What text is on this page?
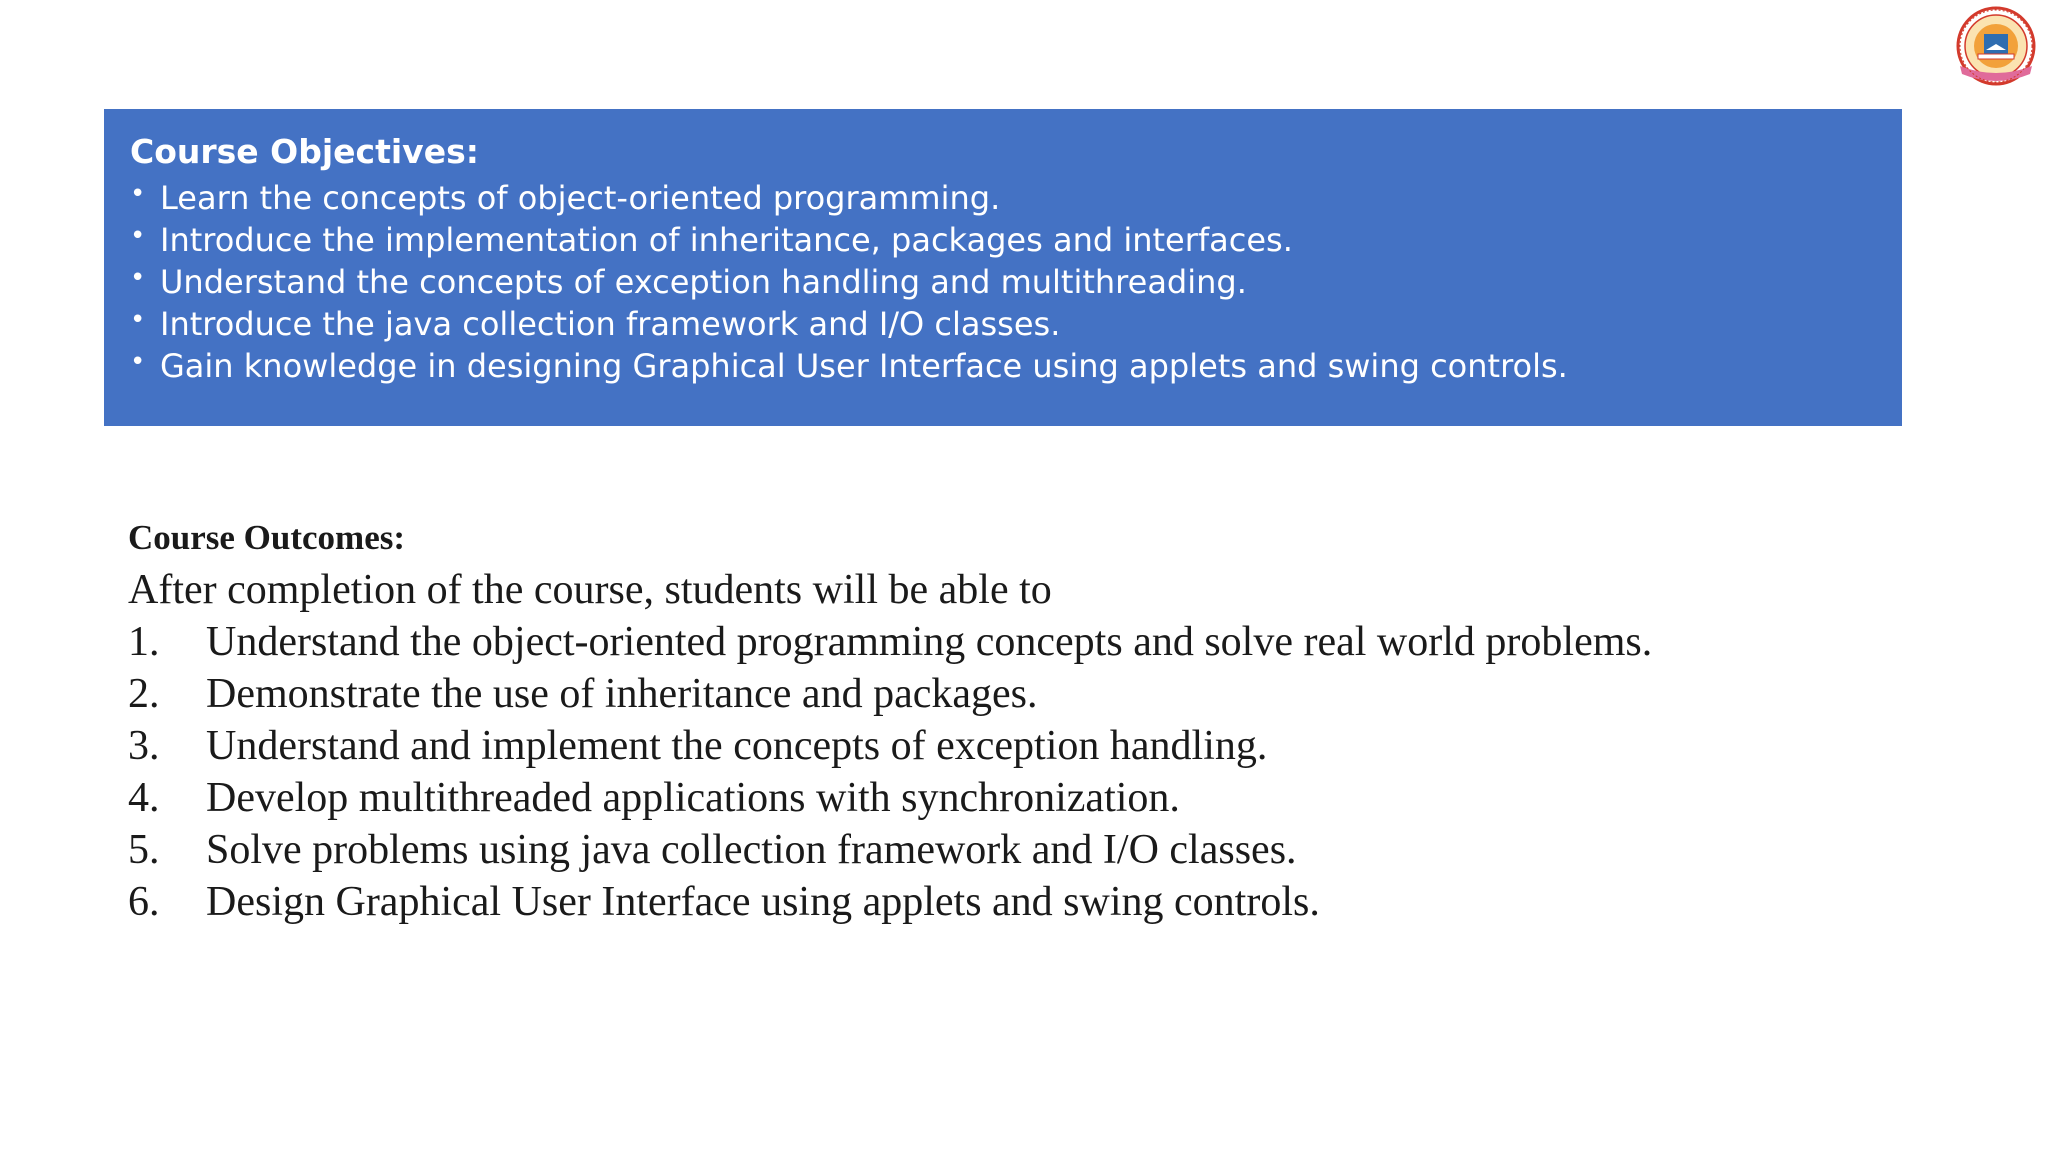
Course Objectives:
• Learn the concepts of object-oriented programming.
• Introduce the implementation of inheritance, packages and interfaces.
• Understand the concepts of exception handling and multithreading.
• Introduce the java collection framework and I/O classes.
• Gain knowledge in designing Graphical User Interface using applets and swing controls.
Course Outcomes:
After completion of the course, students will be able to
1. Understand the object-oriented programming concepts and solve real world problems.
2. Demonstrate the use of inheritance and packages.
3. Understand and implement the concepts of exception handling.
4. Develop multithreaded applications with synchronization.
5. Solve problems using java collection framework and I/O classes.
6. Design Graphical User Interface using applets and swing controls.
